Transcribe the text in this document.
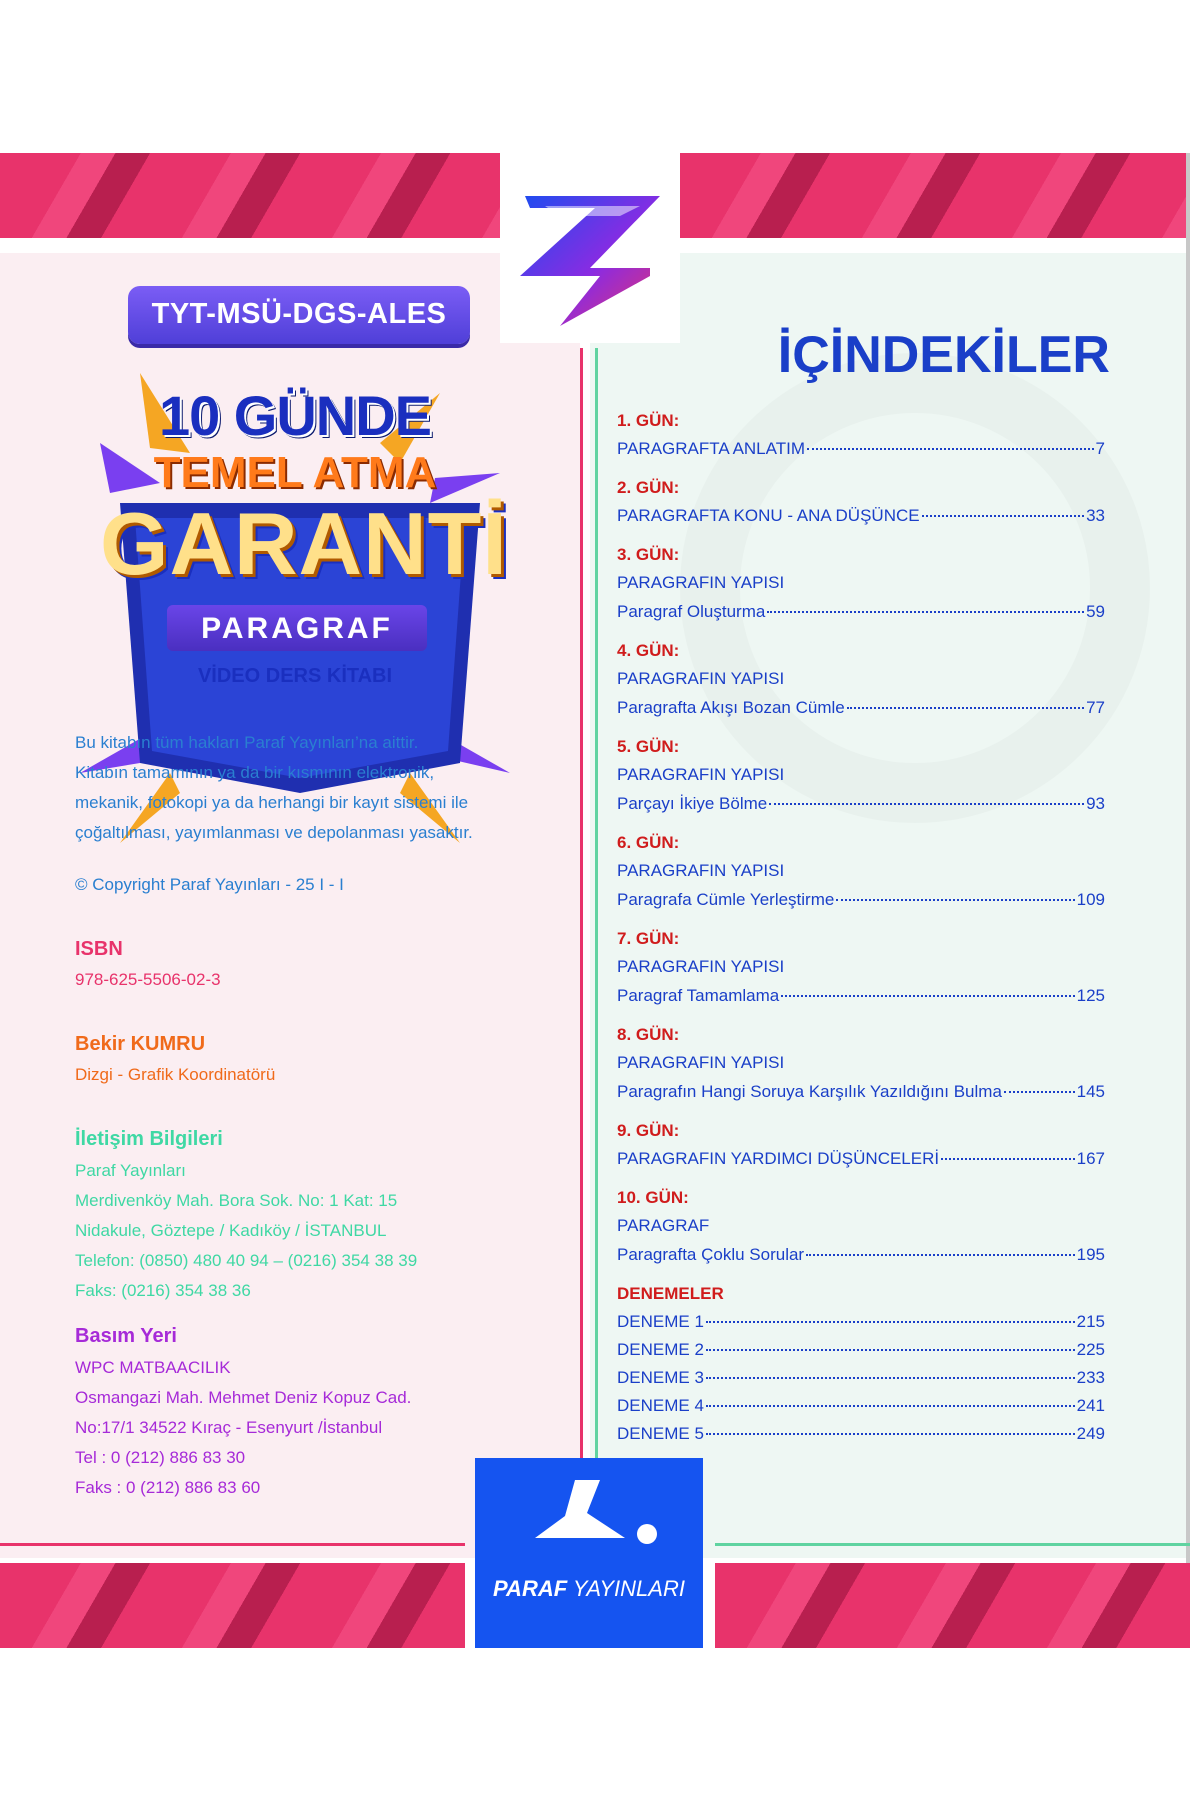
TYT-MSÜ-DGS-ALES
10 GÜNDE
TEMEL ATMA
GARANTİ
PARAGRAF
VİDEO DERS KİTABI
Bu kitabın tüm hakları Paraf Yayınları’na aittir.
Kitabın tamamının ya da bir kısmının elektronik,
mekanik, fotokopi ya da herhangi bir kayıt sistemi ile
çoğaltılması, yayımlanması ve depolanması yasaktır.
© Copyright Paraf Yayınları - 25 I - I
ISBN
978-625-5506-02-3
Bekir KUMRU
Dizgi - Grafik Koordinatörü
İletişim Bilgileri
Paraf Yayınları
Merdivenköy Mah. Bora Sok. No: 1 Kat: 15
Nidakule, Göztepe / Kadıköy / İSTANBUL
Telefon: (0850) 480 40 94 – (0216) 354 38 39
Faks: (0216) 354 38 36
Basım Yeri
WPC MATBAACILIK
Osmangazi Mah. Mehmet Deniz Kopuz Cad.
No:17/1 34522 Kıraç - Esenyurt /İstanbul
Tel : 0 (212) 886 83 30
Faks : 0 (212) 886 83 60
İÇİNDEKİLER
1. GÜN:
PARAGRAFTA ANLATIM	7
2. GÜN:
PARAGRAFTA KONU - ANA DÜŞÜNCE	33
3. GÜN:
PARAGRAFIN YAPISI
Paragraf Oluşturma	59
4. GÜN:
PARAGRAFIN YAPISI
Paragrafta Akışı Bozan Cümle	77
5. GÜN:
PARAGRAFIN YAPISI
Parçayı İkiye Bölme	93
6. GÜN:
PARAGRAFIN YAPISI
Paragrafa Cümle Yerleştirme	109
7. GÜN:
PARAGRAFIN YAPISI
Paragraf Tamamlama	125
8. GÜN:
PARAGRAFIN YAPISI
Paragrafın Hangi Soruya Karşılık Yazıldığını Bulma	145
9. GÜN:
PARAGRAFIN YARDIMCI DÜŞÜNCELERİ	167
10. GÜN:
PARAGRAF
Paragrafta Çoklu Sorular	195
DENEMELER
DENEME 1	215
DENEME 2	225
DENEME 3	233
DENEME 4	241
DENEME 5	249
PARAF YAYINLARI
